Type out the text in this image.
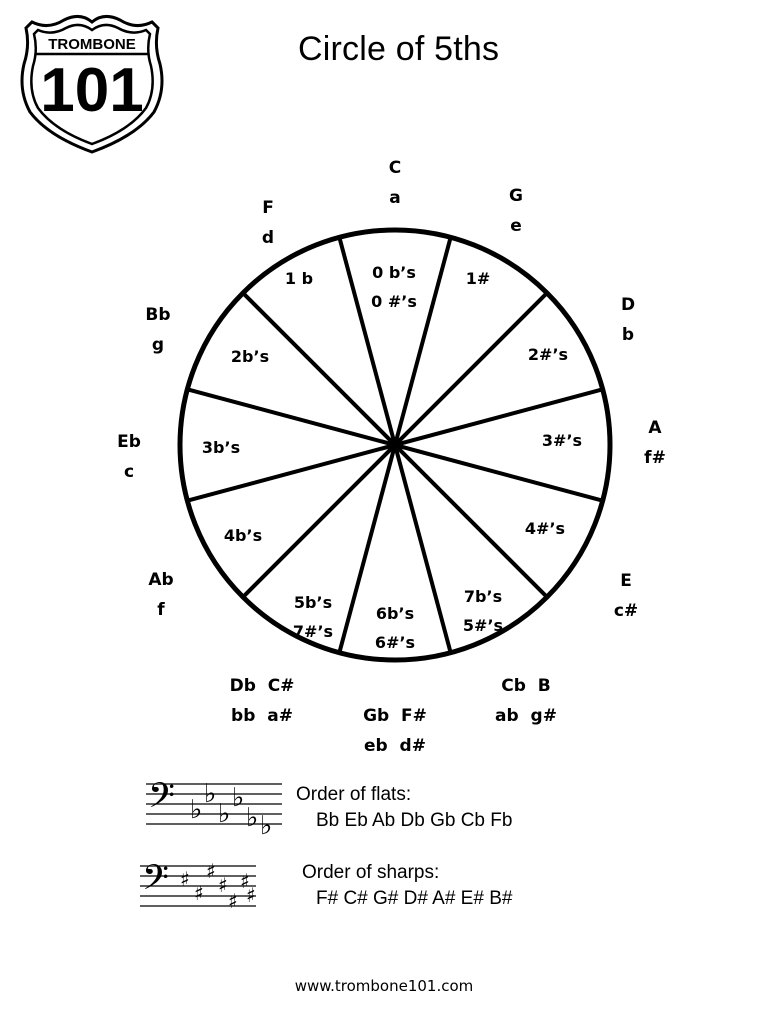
TROMBONE
101
Circle of 5ths
C
a	G
e
D
b
A
f#
E
c#
Cb  B
ab  g#
Gb  F#
eb  d#
Db  C#
bb  a#
Ab
f
Eb
c
Bb
g
F
d
0 b’s
0 #’s
1#
2#’s
3#’s
4#’s
7b’s
5#’s
6b’s
6#’s
5b’s
7#’s
4b’s
3b’s
2b’s
1 b
𝄢 ♭
♭
♭
♭
♭ ♭
Order of flats:
Bb Eb Ab Db Gb Cb Fb
𝄢 ♯
♯
♯
♯
♯
♯
♯
Order of sharps:
F# C# G# D# A# E# B#
www.trombone101.com
